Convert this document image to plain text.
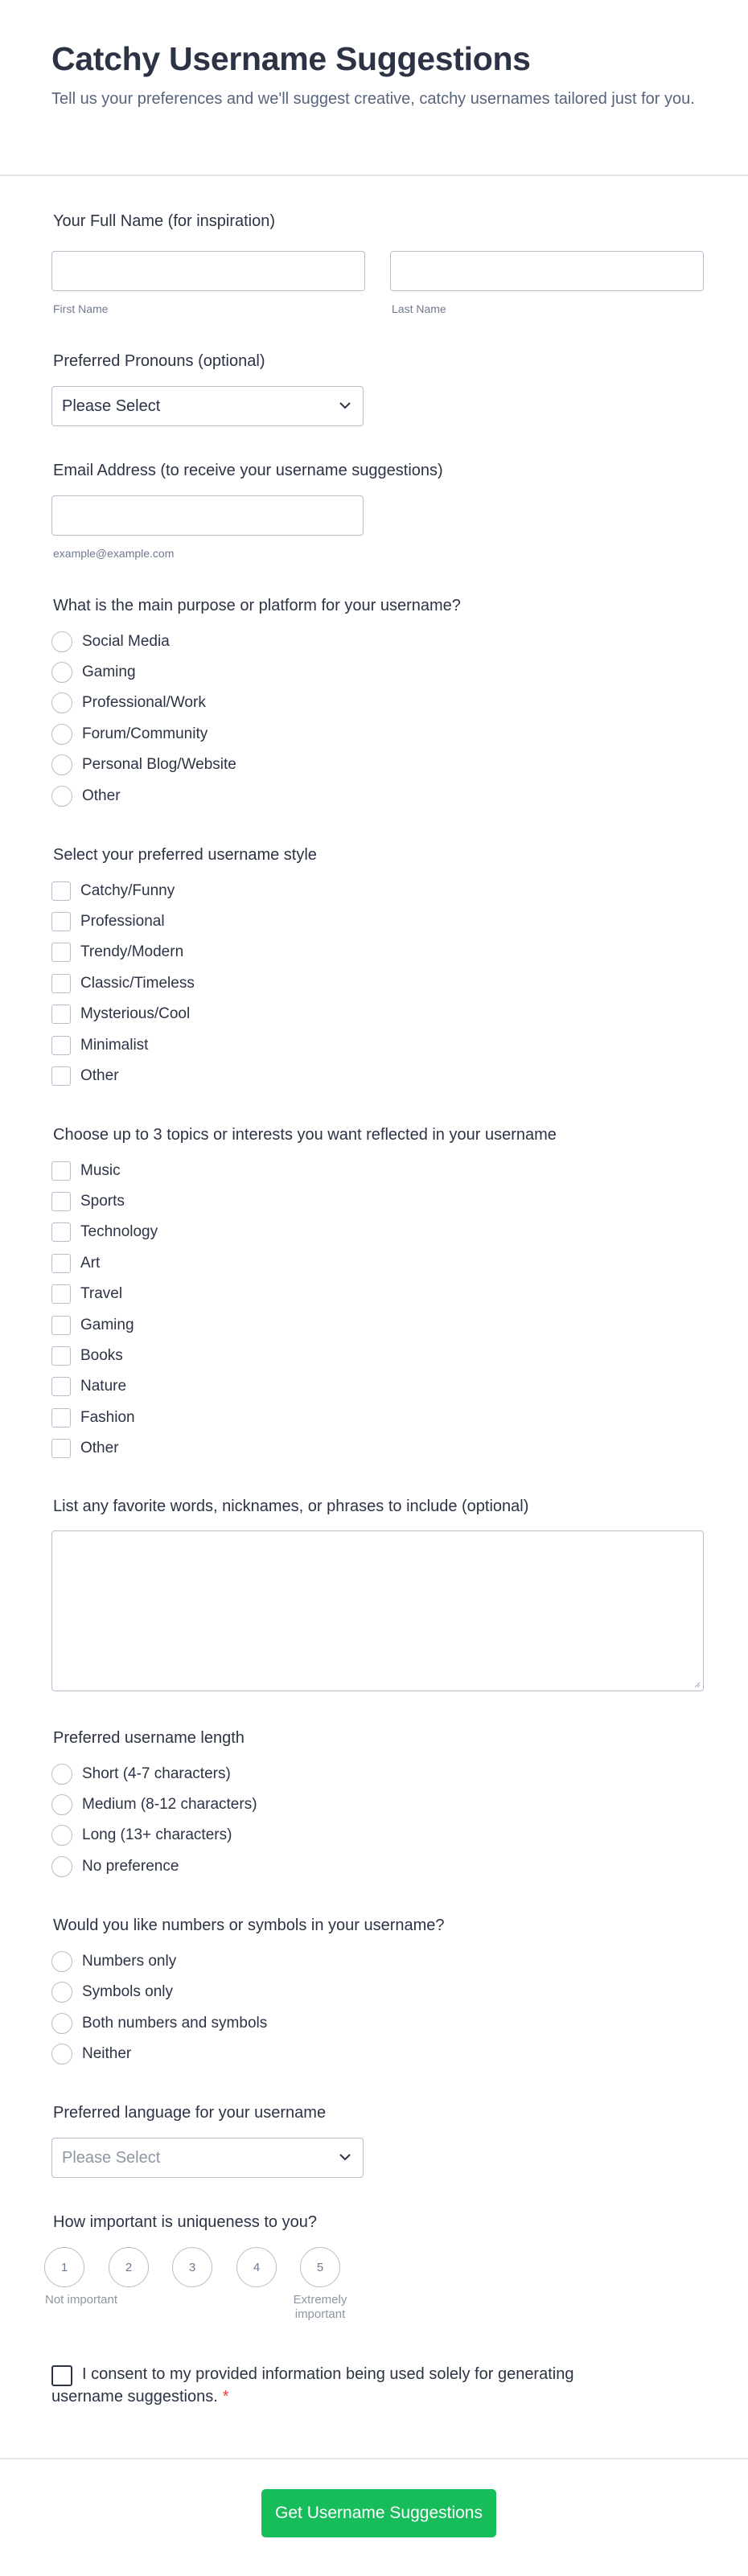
Catchy Username Suggestions

Tell us your preferences and we'll suggest creative, catchy usernames tailored just for you.

Your Full Name (for inspiration)
First Name	Last Name
Preferred Pronouns (optional)
Please Select
Email Address (to receive your username suggestions)
example@example.com
What is the main purpose or platform for your username?
Social Media
Gaming
Professional/Work
Forum/Community
Personal Blog/Website
Other
Select your preferred username style
Catchy/Funny
Professional
Trendy/Modern
Classic/Timeless
Mysterious/Cool
Minimalist
Other
Choose up to 3 topics or interests you want reflected in your username
Music
Sports
Technology
Art
Travel
Gaming
Books
Nature
Fashion
Other
List any favorite words, nicknames, or phrases to include (optional)
Preferred username length
Short (4-7 characters)
Medium (8-12 characters)
Long (13+ characters)
No preference
Would you like numbers or symbols in your username?
Numbers only
Symbols only
Both numbers and symbols
Neither
Preferred language for your username
Please Select
How important is uniqueness to you?
1	2	3	4	5
Not important	Extremely important
I consent to my provided information being used solely for generating username suggestions. *
Get Username Suggestions
